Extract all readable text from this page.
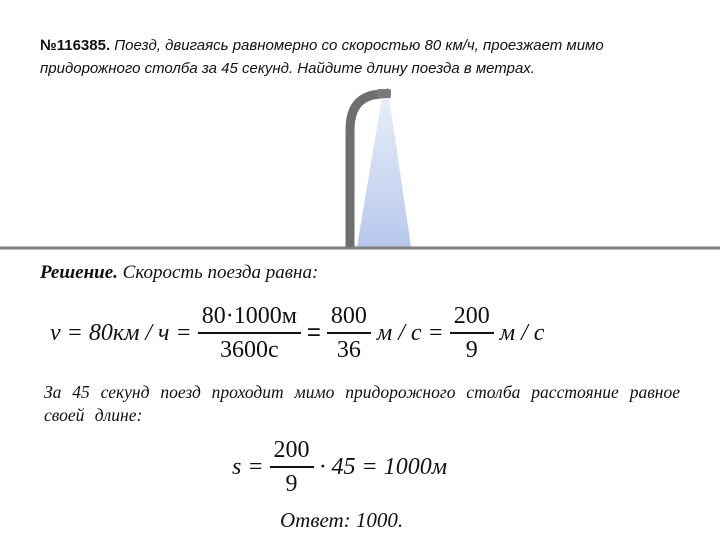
№116385. Поезд, двигаясь равномерно со скоростью 80 км/ч, проезжает мимо придорожного столба за 45 секунд. Найдите длину поезда в метрах.
Решение. Скорость поезда равна:
$v = 80км / ч = \frac{80\cdot 1000м}{3600с} = \frac{800}{36}$ $м / с = \frac{200}{9}$ м / с
За 45 секунд поезд проходит мимо придорожного столба расстояние равное своей длине:
$s = \frac{200}{9} \cdot 45 = 1000м$
Ответ: 1000.
